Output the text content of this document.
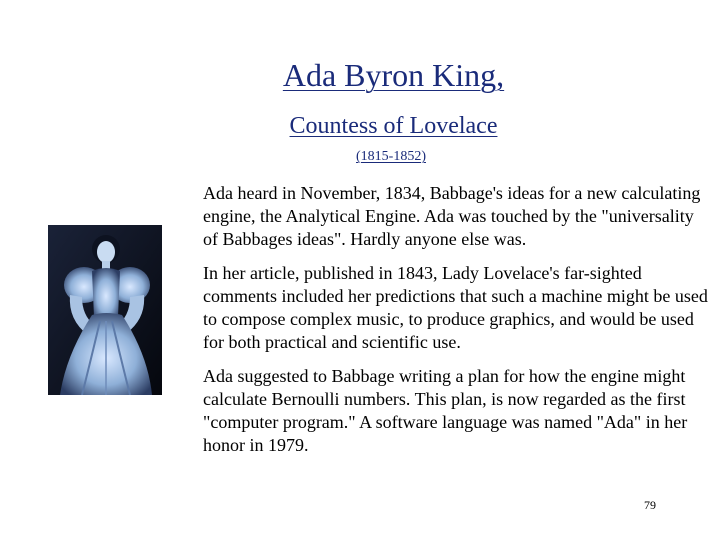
Ada Byron King,
Countess of Lovelace
(1815-1852)

Ada heard in November, 1834, Babbage's ideas for a new calculating engine, the Analytical Engine. Ada was touched by the "universality of Babbages ideas". Hardly anyone else was.

In her article, published in 1843, Lady Lovelace's far-sighted comments included her predictions that such a machine might be used to compose complex music, to produce graphics, and would be used for both practical and scientific use.

Ada suggested to Babbage writing a plan for how the engine might calculate Bernoulli numbers. This plan, is now regarded as the first "computer program." A software language was named "Ada" in her honor in 1979.

79
